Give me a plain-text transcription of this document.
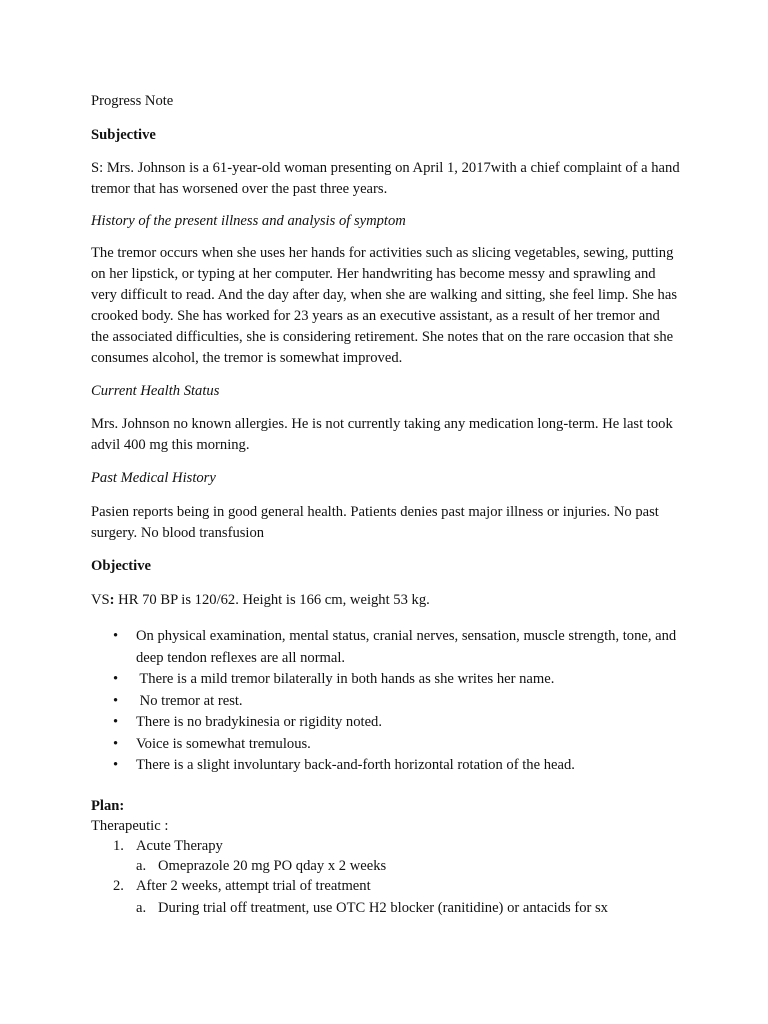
Progress Note

Subjective

S: Mrs. Johnson is a 61-year-old woman presenting on April 1, 2017with a chief complaint of a hand tremor that has worsened over the past three years.

History of the present illness and analysis of symptom

The tremor occurs when she uses her hands for activities such as slicing vegetables, sewing, putting on her lipstick, or typing at her computer. Her handwriting has become messy and sprawling and very difficult to read. And the day after day, when she are walking and sitting, she feel limp. She has crooked body. She has worked for 23 years as an executive assistant, as a result of her tremor and the associated difficulties, she is considering retirement. She notes that on the rare occasion that she consumes alcohol, the tremor is somewhat improved.

Current Health Status

Mrs. Johnson no known allergies. He is not currently taking any medication long-term. He last took advil 400 mg this morning.

Past Medical History

Pasien reports being in good general health. Patients denies past major illness or injuries. No past surgery. No blood transfusion

Objective

VS: HR 70 BP is 120/62. Height is 166 cm, weight 53 kg.

• On physical examination, mental status, cranial nerves, sensation, muscle strength, tone, and deep tendon reflexes are all normal.
• There is a mild tremor bilaterally in both hands as she writes her name.
• No tremor at rest.
• There is no bradykinesia or rigidity noted.
• Voice is somewhat tremulous.
• There is a slight involuntary back-and-forth horizontal rotation of the head.

Plan:

Therapeutic :

1. Acute Therapy
a. Omeprazole 20 mg PO qday x 2 weeks
2. After 2 weeks, attempt trial of treatment
a. During trial off treatment, use OTC H2 blocker (ranitidine) or antacids for sx
